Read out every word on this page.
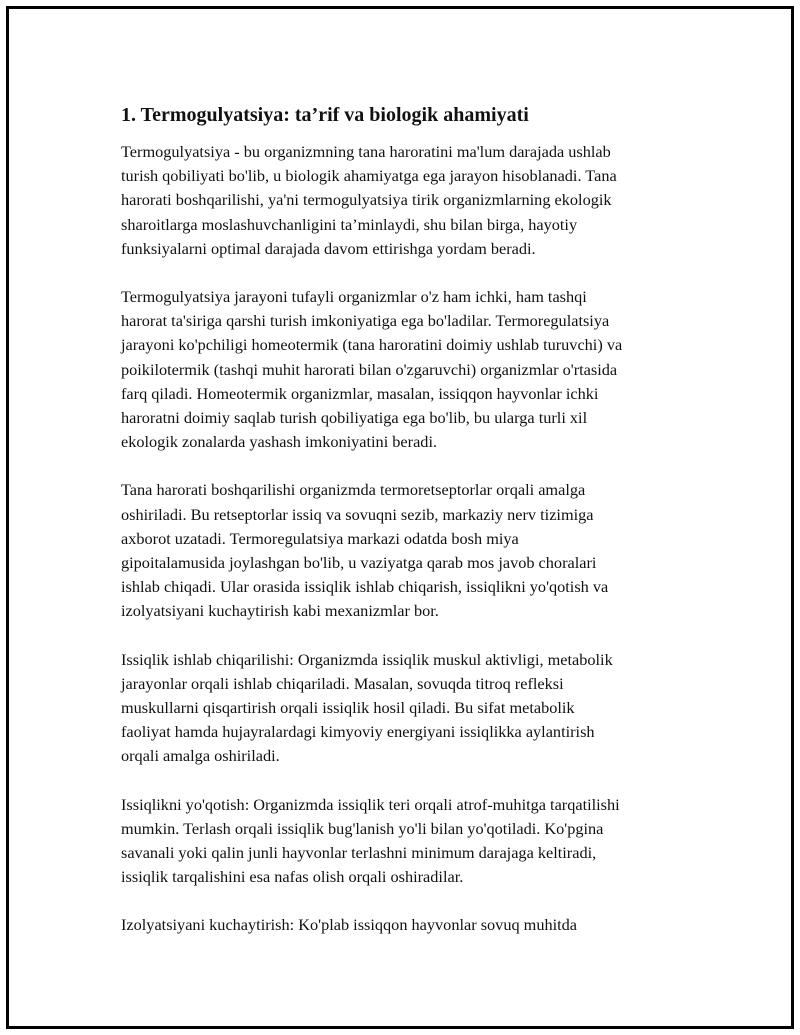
1. Termogulyatsiya: ta’rif va biologik ahamiyati

Termogulyatsiya - bu organizmning tana haroratini ma'lum darajada ushlab
turish qobiliyati bo'lib, u biologik ahamiyatga ega jarayon hisoblanadi. Tana
harorati boshqarilishi, ya'ni termogulyatsiya tirik organizmlarning ekologik
sharoitlarga moslashuvchanligini ta’minlaydi, shu bilan birga, hayotiy
funksiyalarni optimal darajada davom ettirishga yordam beradi.

Termogulyatsiya jarayoni tufayli organizmlar o'z ham ichki, ham tashqi
harorat ta'siriga qarshi turish imkoniyatiga ega bo'ladilar. Termoregulatsiya
jarayoni ko'pchiligi homeotermik (tana haroratini doimiy ushlab turuvchi) va
poikilotermik (tashqi muhit harorati bilan o'zgaruvchi) organizmlar o'rtasida
farq qiladi. Homeotermik organizmlar, masalan, issiqqon hayvonlar ichki
haroratni doimiy saqlab turish qobiliyatiga ega bo'lib, bu ularga turli xil
ekologik zonalarda yashash imkoniyatini beradi.

Tana harorati boshqarilishi organizmda termoretseptorlar orqali amalga
oshiriladi. Bu retseptorlar issiq va sovuqni sezib, markaziy nerv tizimiga
axborot uzatadi. Termoregulatsiya markazi odatda bosh miya
gipoitalamusida joylashgan bo'lib, u vaziyatga qarab mos javob choralari
ishlab chiqadi. Ular orasida issiqlik ishlab chiqarish, issiqlikni yo'qotish va
izolyatsiyani kuchaytirish kabi mexanizmlar bor.

Issiqlik ishlab chiqarilishi: Organizmda issiqlik muskul aktivligi, metabolik
jarayonlar orqali ishlab chiqariladi. Masalan, sovuqda titroq refleksi
muskullarni qisqartirish orqali issiqlik hosil qiladi. Bu sifat metabolik
faoliyat hamda hujayralardagi kimyoviy energiyani issiqlikka aylantirish
orqali amalga oshiriladi.

Issiqlikni yo'qotish: Organizmda issiqlik teri orqali atrof-muhitga tarqatilishi
mumkin. Terlash orqali issiqlik bug'lanish yo'li bilan yo'qotiladi. Ko'pgina
savanali yoki qalin junli hayvonlar terlashni minimum darajaga keltiradi,
issiqlik tarqalishini esa nafas olish orqali oshiradilar.

Izolyatsiyani kuchaytirish: Ko'plab issiqqon hayvonlar sovuq muhitda
